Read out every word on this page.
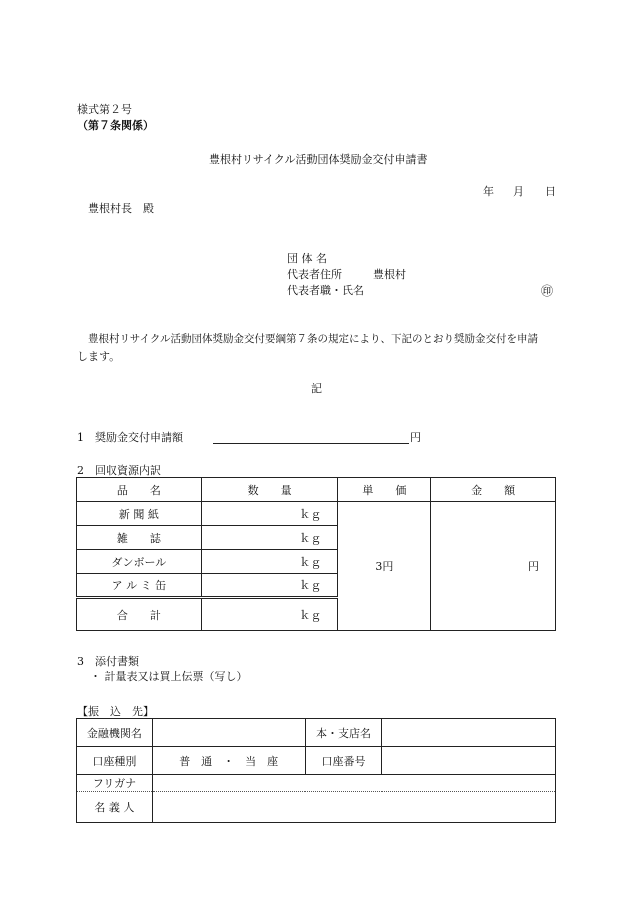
様式第２号
（第７条関係）
豊根村リサイクル活動団体奨励金交付申請書
年 月 日
豊根村長　殿
団 体 名
代表者住所	豊根村
代表者職・氏名	㊞
豊根村リサイクル活動団体奨励金交付要綱第７条の規定により、下記のとおり奨励金交付を申請
します。
記
1　奨励金交付申請額	円
2　回収資源内訳
品　　名	数　　量	単　　価	金　　額
新 聞 紙	ｋｇ	3円	円
雑　　誌	ｋｇ		
ダンボール	ｋｇ		
ア ル ミ 缶	ｋｇ		
合　　計	ｋｇ		
3　添付書類
・ 計量表又は買上伝票（写し）
【振　込　先】
金融機関名		本・支店名	
口座種別	普　通　・　当　座	口座番号	
フリガナ			
名 義 人			
